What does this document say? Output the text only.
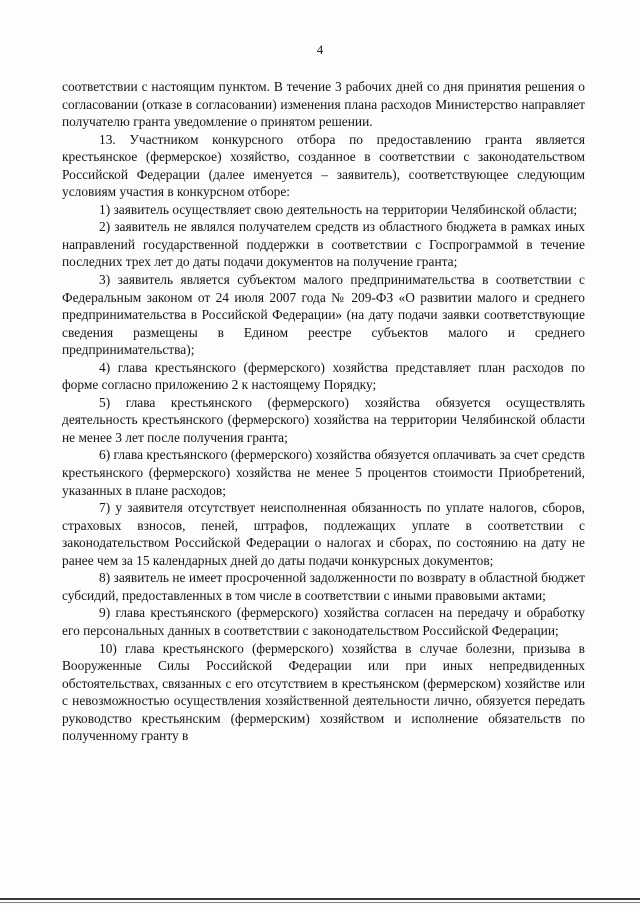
4

соответствии с настоящим пунктом. В течение 3 рабочих дней со дня принятия решения о согласовании (отказе в согласовании) изменения плана расходов Министерство направляет получателю гранта уведомление о принятом решении.

13. Участником конкурсного отбора по предоставлению гранта является крестьянское (фермерское) хозяйство, созданное в соответствии с законодательством Российской Федерации (далее именуется – заявитель), соответствующее следующим условиям участия в конкурсном отборе:

1) заявитель осуществляет свою деятельность на территории Челябинской области;

2) заявитель не являлся получателем средств из областного бюджета в рамках иных направлений государственной поддержки в соответствии с Госпрограммой в течение последних трех лет до даты подачи документов на получение гранта;

3) заявитель является субъектом малого предпринимательства в соответствии с Федеральным законом от 24 июля 2007 года № 209-ФЗ «О развитии малого и среднего предпринимательства в Российской Федерации» (на дату подачи заявки соответствующие сведения размещены в Едином реестре субъектов малого и среднего предпринимательства);

4) глава крестьянского (фермерского) хозяйства представляет план расходов по форме согласно приложению 2 к настоящему Порядку;

5) глава крестьянского (фермерского) хозяйства обязуется осуществлять деятельность крестьянского (фермерского) хозяйства на территории Челябинской области не менее 3 лет после получения гранта;

6) глава крестьянского (фермерского) хозяйства обязуется оплачивать за счет средств крестьянского (фермерского) хозяйства не менее 5 процентов стоимости Приобретений, указанных в плане расходов;

7) у заявителя отсутствует неисполненная обязанность по уплате налогов, сборов, страховых взносов, пеней, штрафов, подлежащих уплате в соответствии с законодательством Российской Федерации о налогах и сборах, по состоянию на дату не ранее чем за 15 календарных дней до даты подачи конкурсных документов;

8) заявитель не имеет просроченной задолженности по возврату в областной бюджет субсидий, предоставленных в том числе в соответствии с иными правовыми актами;

9) глава крестьянского (фермерского) хозяйства согласен на передачу и обработку его персональных данных в соответствии с законодательством Российской Федерации;

10) глава крестьянского (фермерского) хозяйства в случае болезни, призыва в Вооруженные Силы Российской Федерации или при иных непредвиденных обстоятельствах, связанных с его отсутствием в крестьянском (фермерском) хозяйстве или с невозможностью осуществления хозяйственной деятельности лично, обязуется передать руководство крестьянским (фермерским) хозяйством и исполнение обязательств по полученному гранту в
